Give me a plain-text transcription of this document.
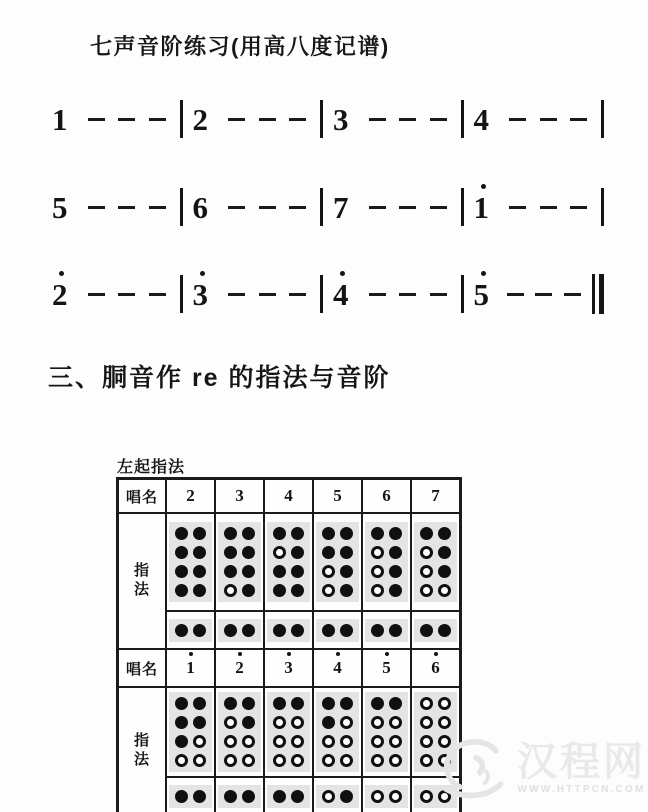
七声音阶练习(用高八度记谱)
1	2	3	4
5	6	7	1
2	3	4	5
三、胴音作 re 的指法与音阶
左起指法
唱名	2	3	4	5	6	7

指
法						

唱名	1	2	3	4	5	6

指
法						

		汉程网
WWW.HTTPCN.COM
